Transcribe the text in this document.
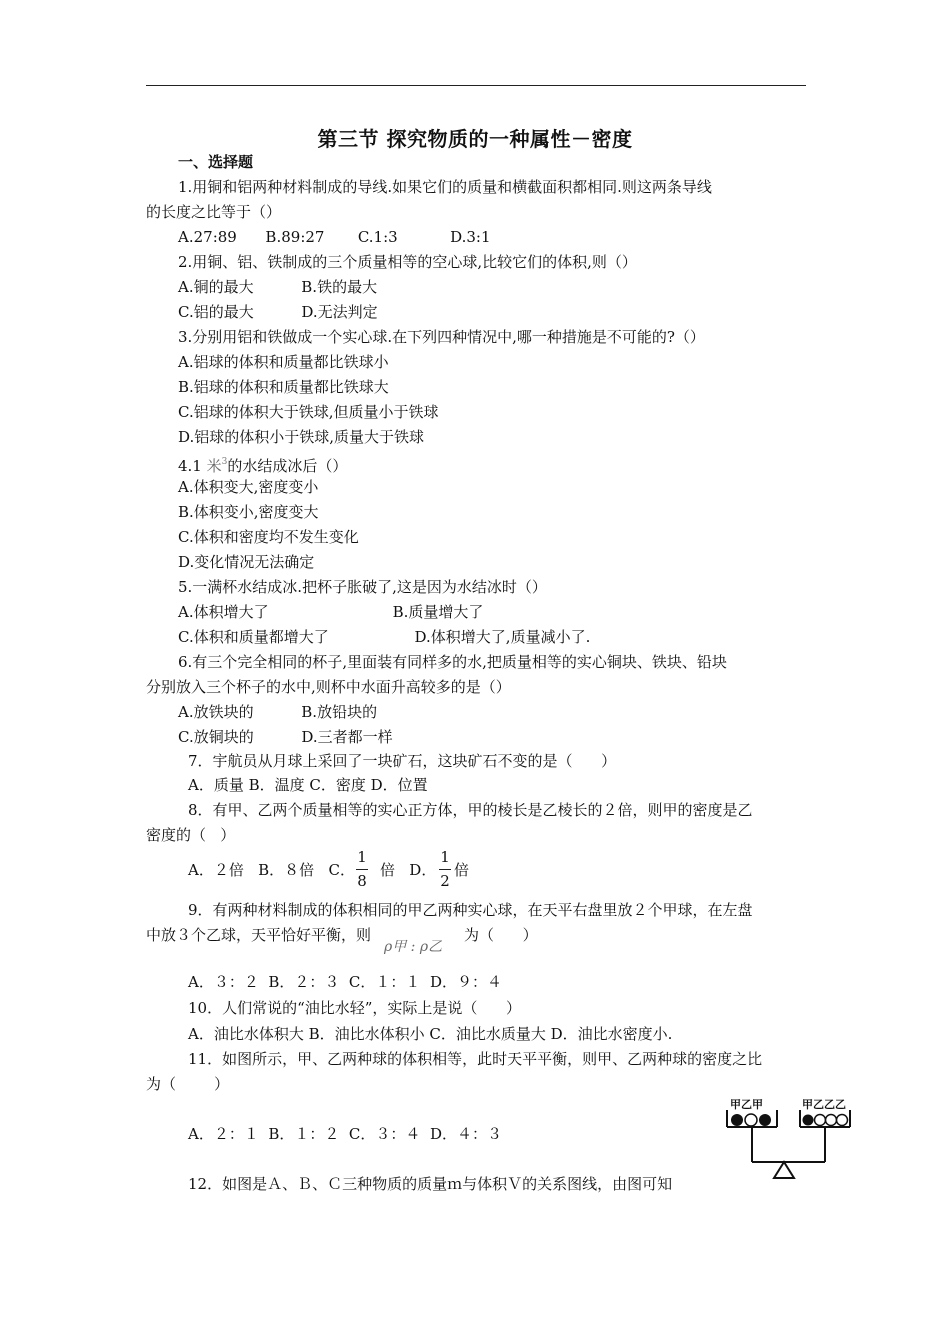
第三节 探究物质的一种属性－密度
一、选择题
1.用铜和铝两种材料制成的导线.如果它们的质量和横截面积都相同.则这两条导线
的长度之比等于（）
A.27:89      B.89:27       C.1:3           D.3:1
2.用铜、铝、铁制成的三个质量相等的空心球,比较它们的体积,则（）
A.铜的最大          B.铁的最大
C.铝的最大          D.无法判定
3.分别用铝和铁做成一个实心球.在下列四种情况中,哪一种措施是不可能的?（）
A.铝球的体积和质量都比铁球小
B.铝球的体积和质量都比铁球大
C.铝球的体积大于铁球,但质量小于铁球
D.铝球的体积小于铁球,质量大于铁球
4.1 米$^3$的水结成冰后（）
A.体积变大,密度变小
B.体积变小,密度变大
C.体积和密度均不发生变化
D.变化情况无法确定
5.一满杯水结成冰.把杯子胀破了,这是因为水结冰时（）
A.体积增大了                          B.质量增大了
C.体积和质量都增大了                  D.体积增大了,质量减小了.
6.有三个完全相同的杯子,里面装有同样多的水,把质量相等的实心铜块、铁块、铅块
分别放入三个杯子的水中,则杯中水面升高较多的是（）
A.放铁块的          B.放铅块的
C.放铜块的          D.三者都一样
7．宇航员从月球上采回了一块矿石，这块矿石不变的是（      ）
A．质量 B．温度 C．密度 D．位置
8．有甲、乙两个质量相等的实心正方体，甲的棱长是乙棱长的２倍，则甲的密度是乙
密度的（   ）
A．２倍   B．８倍   C．
1
8
倍   D．
1
2
倍
9．有两种材料制成的体积相同的甲乙两种实心球，在天平右盘里放２个甲球，在左盘
中放３个乙球，天平恰好平衡，则
ρ甲 : ρ乙
为（      ）
A．３：２  B．２：３  C．１：１  D．９：４
10．人们常说的“油比水轻”，实际上是说（      ）
A．油比水体积大 B．油比水体积小 C．油比水质量大 D．油比水密度小.
11．如图所示，甲、乙两种球的体积相等，此时天平平衡，则甲、乙两种球的密度之比
为（        ）
A．２：１  B．１：２  C．３：４  D．４：３
甲乙甲	甲乙乙乙
12．如图是Ａ、Ｂ、Ｃ三种物质的质量ｍ与体积Ｖ的关系图线，由图可知
